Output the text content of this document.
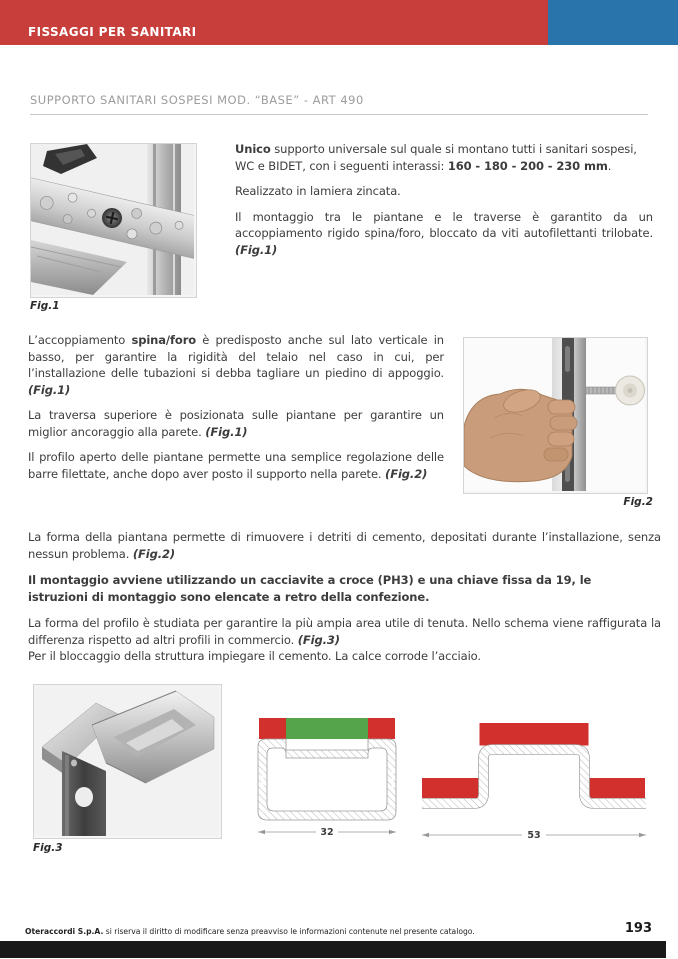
FISSAGGI PER SANITARI
SUPPORTO SANITARI SOSPESI MOD. “BASE” - ART 490
Fig.1

Unico supporto universale sul quale si montano tutti i sanitari sospesi, WC e BIDET, con i seguenti interassi: 160 - 180 - 200 - 230 mm.

Realizzato in lamiera zincata.

Il montaggio tra le piantane e le traverse è garantito da un accoppiamento rigido spina/foro, bloccato da viti autofilettanti trilobate. (Fig.1)

L’accoppiamento spina/foro è predisposto anche sul lato verticale in basso, per garantire la rigidità del telaio nel caso in cui, per l’installazione delle tubazioni si debba tagliare un piedino di appoggio. (Fig.1)

La traversa superiore è posizionata sulle piantane per garantire un miglior ancoraggio alla parete. (Fig.1)

Il profilo aperto delle piantane permette una semplice regolazione delle barre filettate, anche dopo aver posto il supporto nella parete. (Fig.2)

Fig.2

La forma della piantana permette di rimuovere i detriti di cemento, depositati durante l’installazione, senza nessun problema. (Fig.2)

Il montaggio avviene utilizzando un cacciavite a croce (PH3) e una chiave fissa da 19, le istruzioni di montaggio sono elencate a retro della confezione.

La forma del profilo è studiata per garantire la più ampia area utile di tenuta. Nello schema viene raffigurata la differenza rispetto ad altri profili in commercio. (Fig.3)

Per il bloccaggio della struttura impiegare il cemento. La calce corrode l’acciaio.

Fig.3
32	53
Oteraccordi S.p.A. si riserva il diritto di modificare senza preavviso le informazioni contenute nel presente catalogo.	193
